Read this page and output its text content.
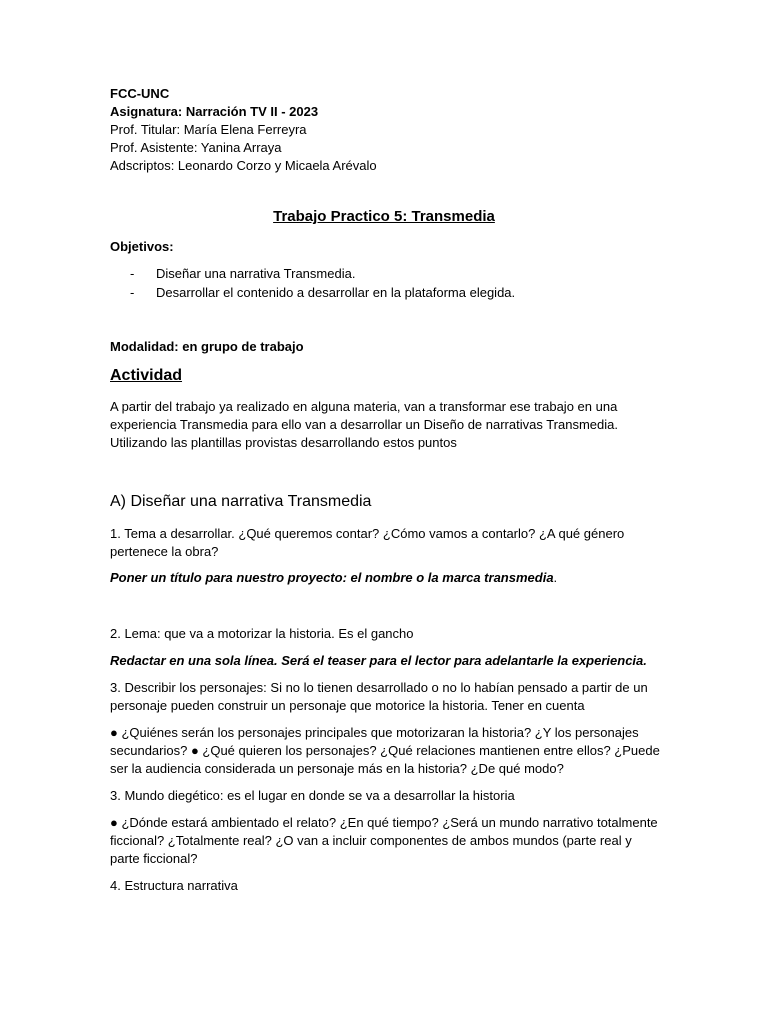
FCC-UNC

Asignatura: Narración TV II - 2023

Prof. Titular: María Elena Ferreyra

Prof. Asistente: Yanina Arraya

Adscriptos: Leonardo Corzo y Micaela Arévalo

Trabajo Practico 5: Transmedia

Objetivos:

- Diseñar una narrativa Transmedia.
- Desarrollar el contenido a desarrollar en la plataforma elegida.

Modalidad: en grupo de trabajo

Actividad

A partir del trabajo ya realizado en alguna materia, van a transformar ese trabajo en una

experiencia Transmedia para ello van a desarrollar un Diseño de narrativas Transmedia.

Utilizando las plantillas provistas desarrollando estos puntos

A) Diseñar una narrativa Transmedia

1. Tema a desarrollar. ¿Qué queremos contar? ¿Cómo vamos a contarlo? ¿A qué género

pertenece la obra?

Poner un título para nuestro proyecto: el nombre o la marca transmedia.

2. Lema: que va a motorizar la historia. Es el gancho

Redactar en una sola línea. Será el teaser para el lector para adelantarle la experiencia.

3. Describir los personajes: Si no lo tienen desarrollado o no lo habían pensado a partir de un

personaje pueden construir un personaje que motorice la historia. Tener en cuenta

● ¿Quiénes serán los personajes principales que motorizaran la historia? ¿Y los personajes

secundarios? ● ¿Qué quieren los personajes? ¿Qué relaciones mantienen entre ellos? ¿Puede

ser la audiencia considerada un personaje más en la historia? ¿De qué modo?

3. Mundo diegético: es el lugar en donde se va a desarrollar la historia

● ¿Dónde estará ambientado el relato? ¿En qué tiempo? ¿Será un mundo narrativo totalmente

ficcional? ¿Totalmente real? ¿O van a incluir componentes de ambos mundos (parte real y

parte ficcional?

4. Estructura narrativa
